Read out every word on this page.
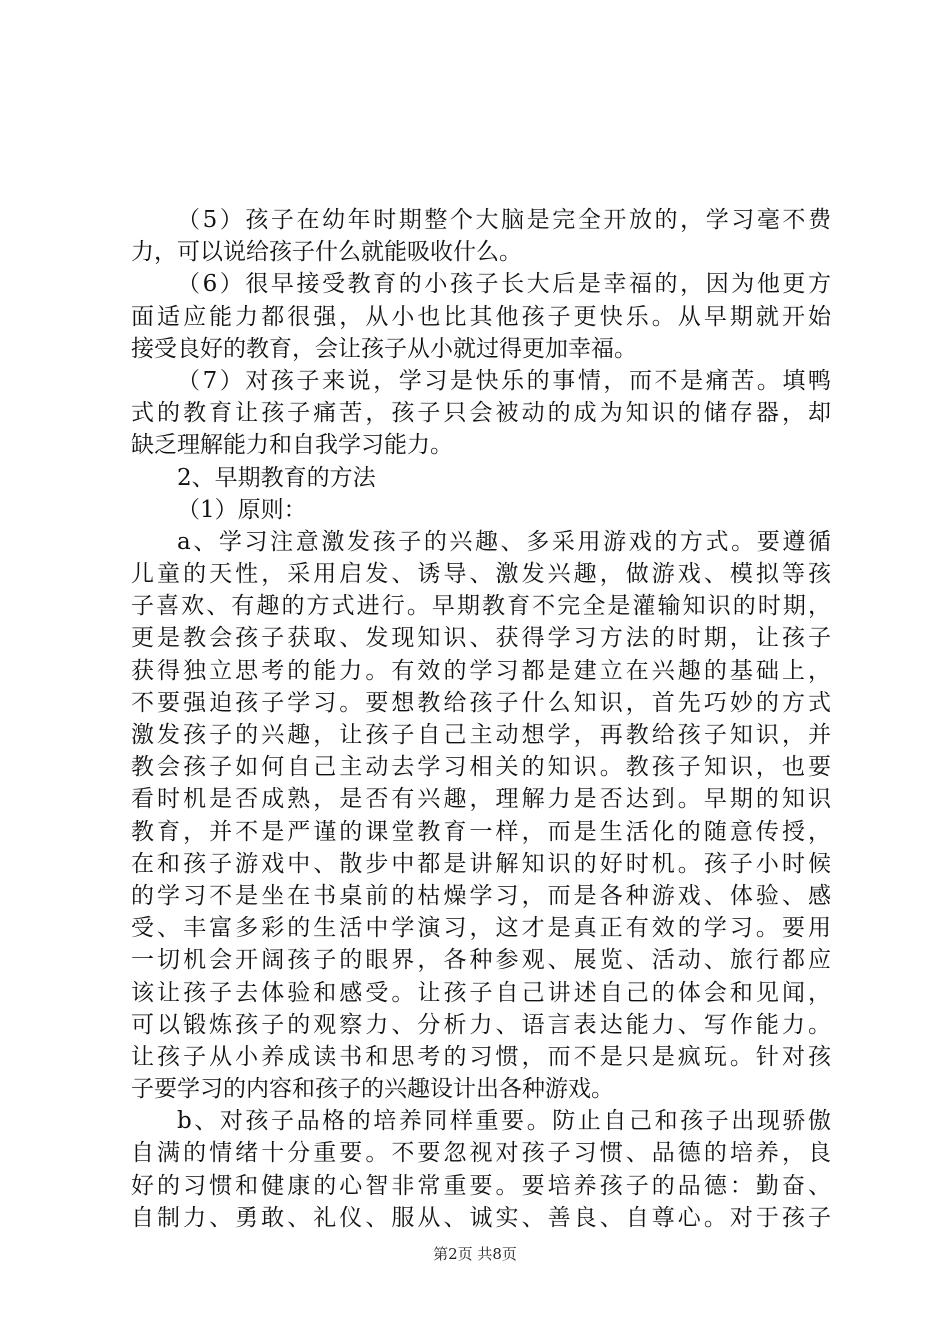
（5）孩子在幼年时期整个大脑是完全开放的，学习毫不费
力，可以说给孩子什么就能吸收什么。
（6）很早接受教育的小孩子长大后是幸福的，因为他更方
面适应能力都很强，从小也比其他孩子更快乐。从早期就开始
接受良好的教育，会让孩子从小就过得更加幸福。
（7）对孩子来说，学习是快乐的事情，而不是痛苦。填鸭
式的教育让孩子痛苦，孩子只会被动的成为知识的储存器，却
缺乏理解能力和自我学习能力。
2、早期教育的方法
（1）原则：
a、学习注意激发孩子的兴趣、多采用游戏的方式。要遵循
儿童的天性，采用启发、诱导、激发兴趣，做游戏、模拟等孩
子喜欢、有趣的方式进行。早期教育不完全是灌输知识的时期，
更是教会孩子获取、发现知识、获得学习方法的时期，让孩子
获得独立思考的能力。有效的学习都是建立在兴趣的基础上，
不要强迫孩子学习。要想教给孩子什么知识，首先巧妙的方式
激发孩子的兴趣，让孩子自己主动想学，再教给孩子知识，并
教会孩子如何自己主动去学习相关的知识。教孩子知识，也要
看时机是否成熟，是否有兴趣，理解力是否达到。早期的知识
教育，并不是严谨的课堂教育一样，而是生活化的随意传授，
在和孩子游戏中、散步中都是讲解知识的好时机。孩子小时候
的学习不是坐在书桌前的枯燥学习，而是各种游戏、体验、感
受、丰富多彩的生活中学演习，这才是真正有效的学习。要用
一切机会开阔孩子的眼界，各种参观、展览、活动、旅行都应
该让孩子去体验和感受。让孩子自己讲述自己的体会和见闻，
可以锻炼孩子的观察力、分析力、语言表达能力、写作能力。
让孩子从小养成读书和思考的习惯，而不是只是疯玩。针对孩
子要学习的内容和孩子的兴趣设计出各种游戏。
b、对孩子品格的培养同样重要。防止自己和孩子出现骄傲
自满的情绪十分重要。不要忽视对孩子习惯、品德的培养，良
好的习惯和健康的心智非常重要。要培养孩子的品德：勤奋、
自制力、勇敢、礼仪、服从、诚实、善良、自尊心。对于孩子
第2页 共8页
